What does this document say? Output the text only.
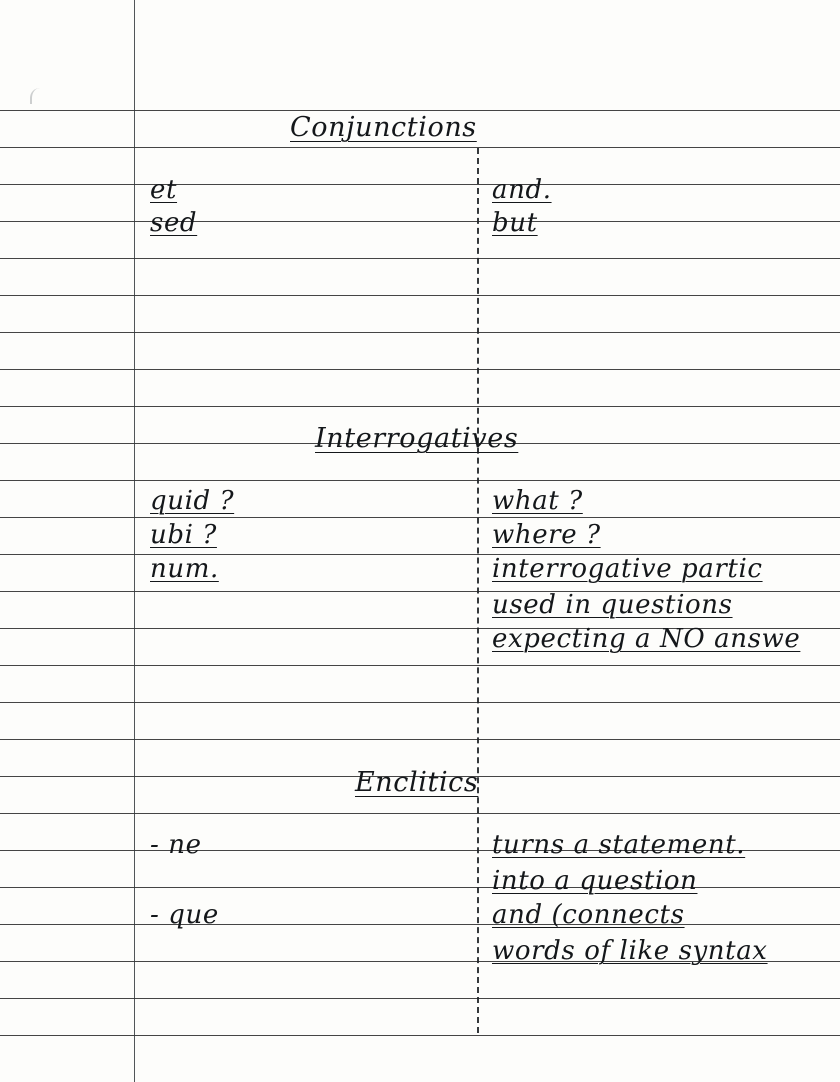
Conjunctions
et	and.
sed	but
Interrogatives
quid ?	what ?
ubi ?	where ?
num.	interrogative partic
used in questions
expecting a NO answe
Enclitics
- ne	turns a statement.
into a question
- que	and (connects
words of like syntax
